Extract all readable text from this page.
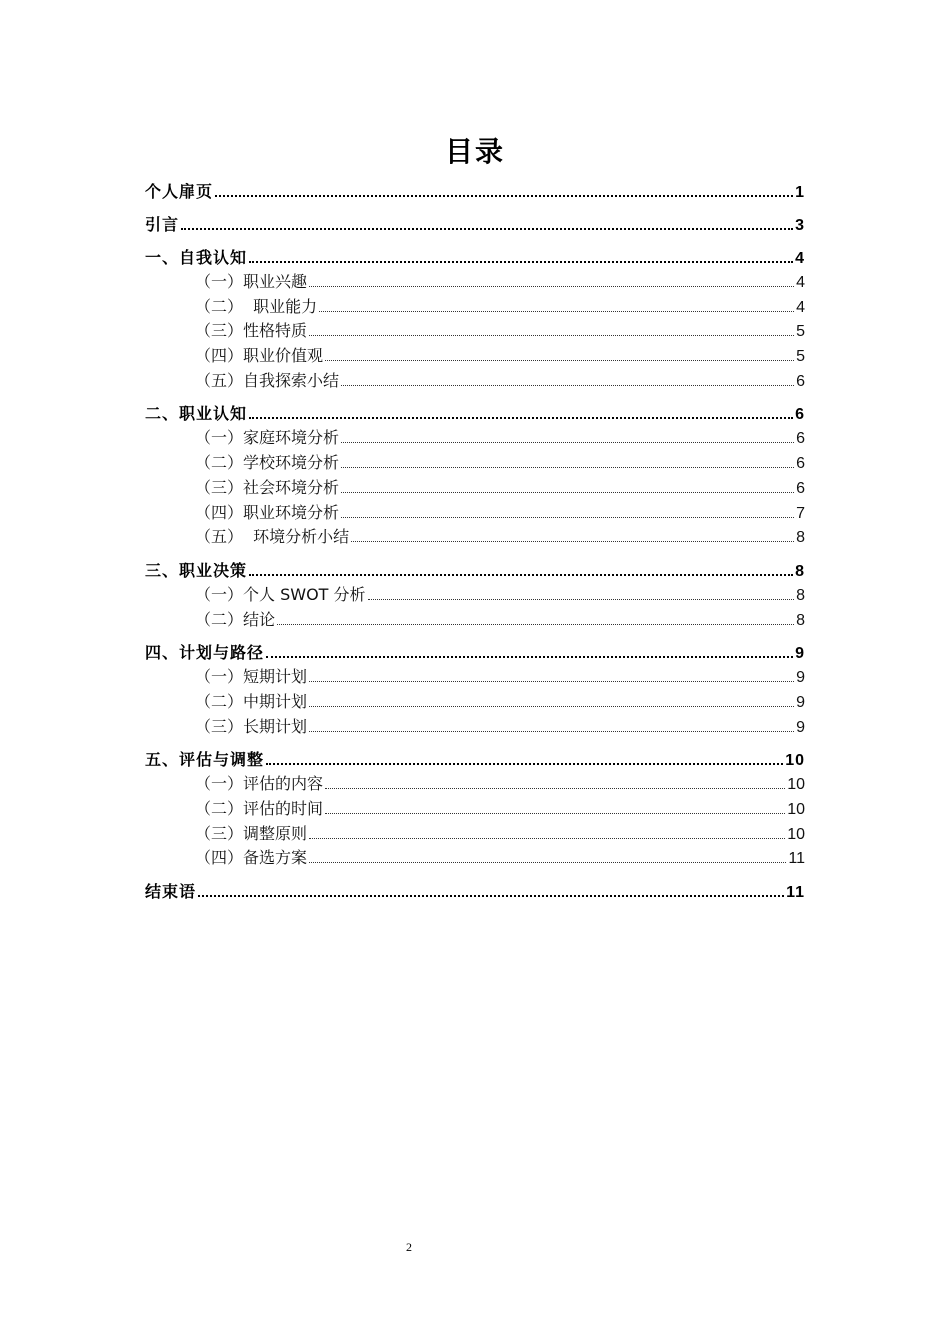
目录
个人扉页	1
引言	3
一、自我认知	4
（一）职业兴趣	4
（二）  职业能力	4
（三）性格特质	5
（四）职业价值观	5
（五）自我探索小结	6
二、职业认知	6
（一）家庭环境分析	6
（二）学校环境分析	6
（三）社会环境分析	6
（四）职业环境分析	7
（五）  环境分析小结	8
三、职业决策	8
（一）个人 SWOT 分析	8
（二）结论	8
四、计划与路径	9
（一）短期计划	9
（二）中期计划	9
（三）长期计划	9
五、评估与调整	10
（一）评估的内容	10
（二）评估的时间	10
（三）调整原则	10
（四）备选方案	11
结束语	11
2
